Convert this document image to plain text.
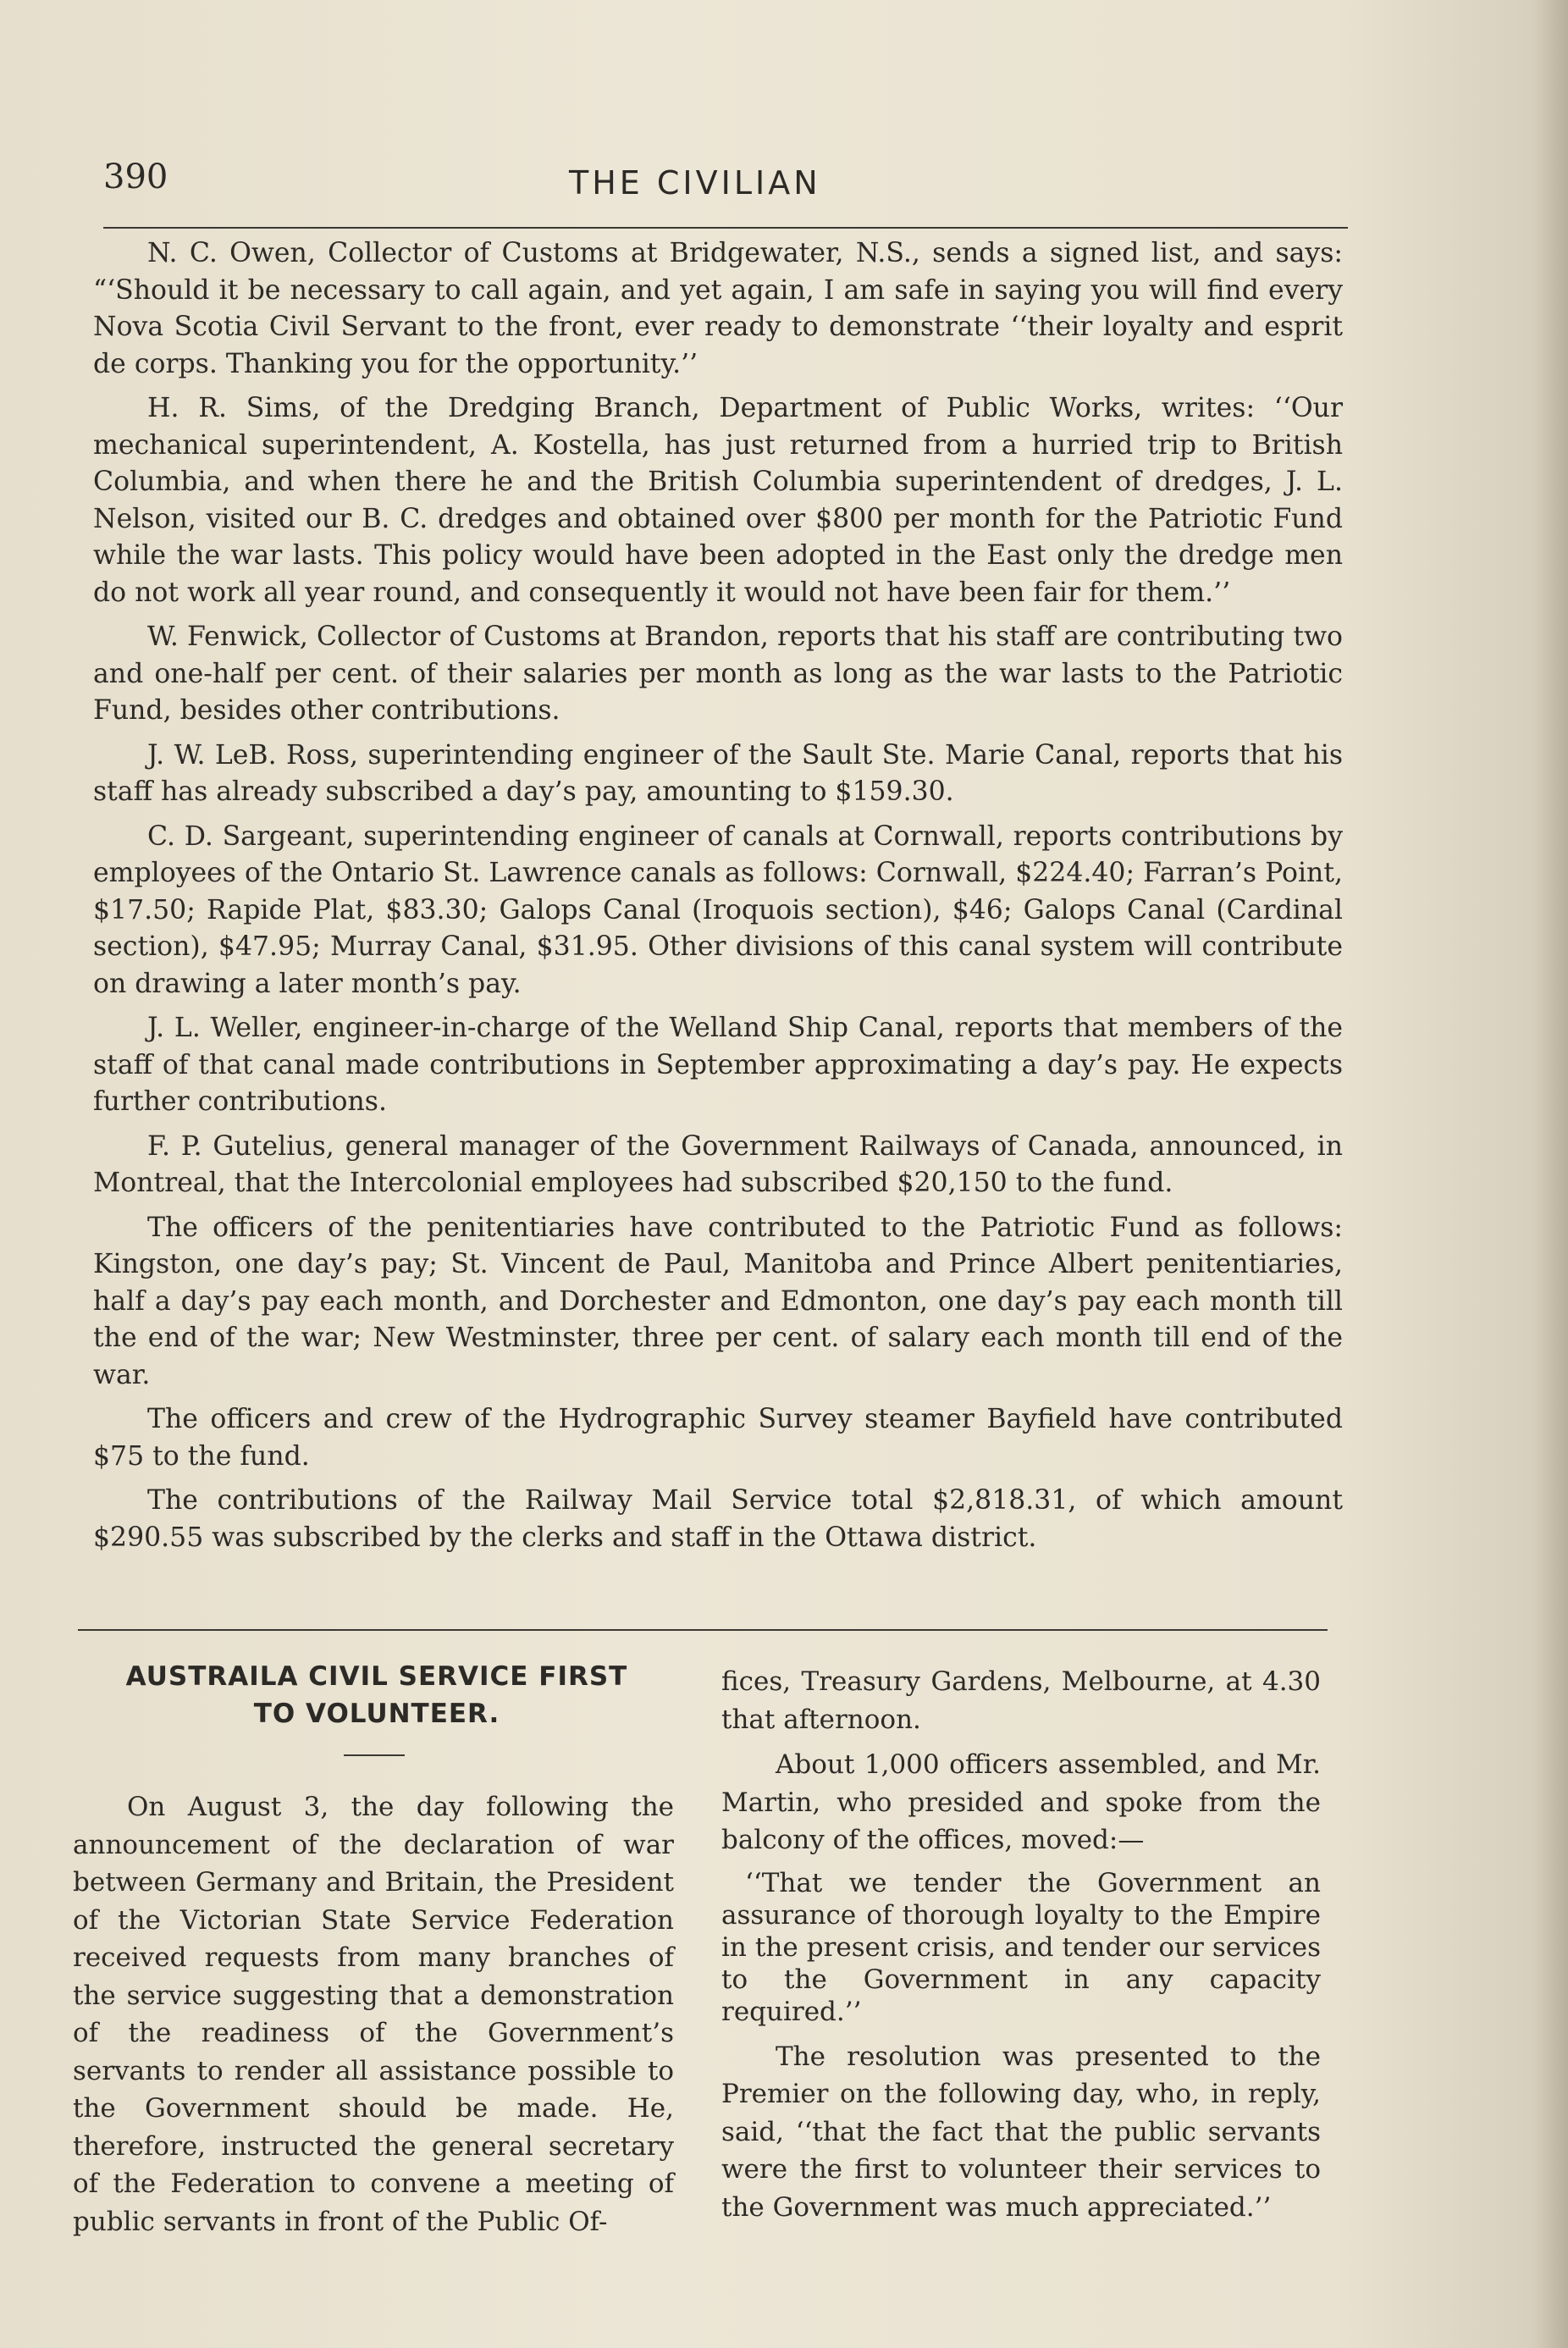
390	THE CIVILIAN

N. C. Owen, Collector of Customs at Bridgewater, N.S., sends a signed list, and says: “‘Should it be necessary to call again, and yet again, I am safe in saying you will find every Nova Scotia Civil Servant to the front, ever ready to demonstrate ‘‘their loyalty and esprit de corps. Thanking you for the opportunity.’’

H. R. Sims, of the Dredging Branch, Department of Public Works, writes: ‘‘Our mechanical superintendent, A. Kostella, has just returned from a hurried trip to British Columbia, and when there he and the British Columbia superintendent of dredges, J. L. Nelson, visited our B. C. dredges and obtained over $800 per month for the Patriotic Fund while the war lasts. This policy would have been adopted in the East only the dredge men do not work all year round, and consequently it would not have been fair for them.’’

W. Fenwick, Collector of Customs at Brandon, reports that his staff are contributing two and one-half per cent. of their salaries per month as long as the war lasts to the Patriotic Fund, besides other contributions.

J. W. LeB. Ross, superintending engineer of the Sault Ste. Marie Canal, reports that his staff has already subscribed a day’s pay, amounting to $159.30.

C. D. Sargeant, superintending engineer of canals at Cornwall, reports contributions by employees of the Ontario St. Lawrence canals as follows: Cornwall, $224.40; Farran’s Point, $17.50; Rapide Plat, $83.30; Galops Canal (Iroquois section), $46; Galops Canal (Cardinal section), $47.95; Murray Canal, $31.95. Other divisions of this canal system will contribute on drawing a later month’s pay.

J. L. Weller, engineer-in-charge of the Welland Ship Canal, reports that members of the staff of that canal made contributions in September approximating a day’s pay. He expects further contributions.

F. P. Gutelius, general manager of the Government Railways of Canada, announced, in Montreal, that the Intercolonial employees had subscribed $20,150 to the fund.

The officers of the penitentiaries have contributed to the Patriotic Fund as follows: Kingston, one day’s pay; St. Vincent de Paul, Manitoba and Prince Albert penitentiaries, half a day’s pay each month, and Dorchester and Edmonton, one day’s pay each month till the end of the war; New Westminster, three per cent. of salary each month till end of the war.

The officers and crew of the Hydrographic Survey steamer Bayfield have contributed $75 to the fund.

The contributions of the Railway Mail Service total $2,818.31, of which amount $290.55 was subscribed by the clerks and staff in the Ottawa district.

AUSTRAILA CIVIL SERVICE FIRST
TO VOLUNTEER.

On August 3, the day following the announcement of the declaration of war between Germany and Britain, the President of the Victorian State Service Federation received requests from many branches of the service suggesting that a demonstration of the readiness of the Government’s servants to render all assistance possible to the Government should be made. He, therefore, instructed the general secretary of the Federation to convene a meeting of public servants in front of the Public Of-

fices, Treasury Gardens, Melbourne, at 4.30 that afternoon.

About 1,000 officers assembled, and Mr. Martin, who presided and spoke from the balcony of the offices, moved:—

‘‘That we tender the Government an assurance of thorough loyalty to the Empire in the present crisis, and tender our services to the Government in any capacity required.’’

The resolution was presented to the Premier on the following day, who, in reply, said, ‘‘that the fact that the public servants were the first to volunteer their services to the Government was much appreciated.’’
